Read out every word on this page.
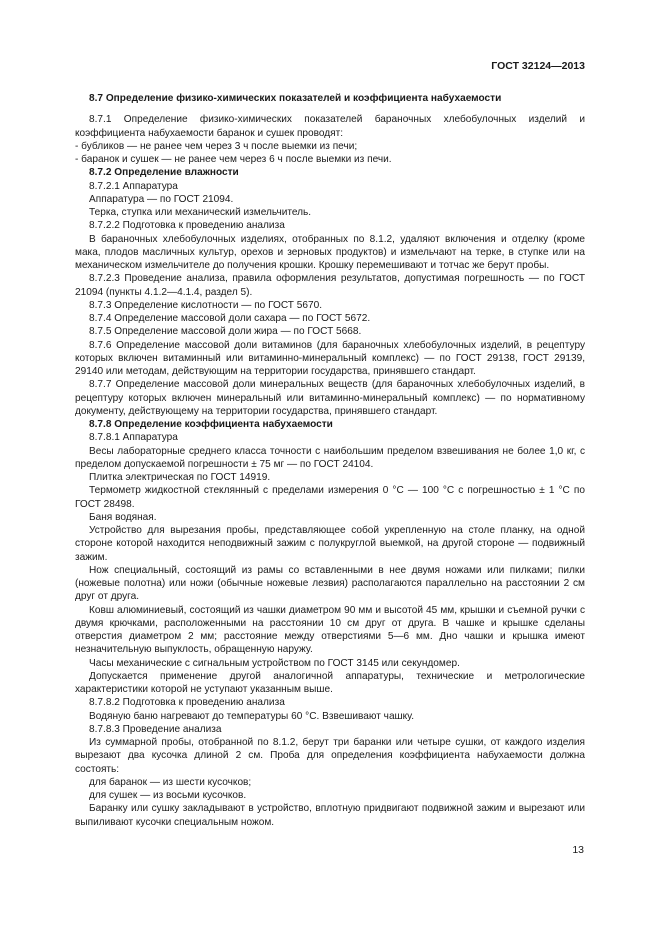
ГОСТ 32124—2013

8.7 Определение физико-химических показателей и коэффициента набухаемости

8.7.1 Определение физико-химических показателей бараночных хлебобулочных изделий и коэффициента набухаемости баранок и сушек проводят:

- бубликов — не ранее чем через 3 ч после выемки из печи;

- баранок и сушек — не ранее чем через 6 ч после выемки из печи.

8.7.2 Определение влажности

8.7.2.1 Аппаратура

Аппаратура — по ГОСТ 21094.

Терка, ступка или механический измельчитель.

8.7.2.2 Подготовка к проведению анализа

В бараночных хлебобулочных изделиях, отобранных по 8.1.2, удаляют включения и отделку (кроме мака, плодов масличных культур, орехов и зерновых продуктов) и измельчают на терке, в ступке или на механическом измельчителе до получения крошки. Крошку перемешивают и тотчас же берут пробы.

8.7.2.3 Проведение анализа, правила оформления результатов, допустимая погрешность — по ГОСТ 21094 (пункты 4.1.2—4.1.4, раздел 5).

8.7.3 Определение кислотности — по ГОСТ 5670.

8.7.4 Определение массовой доли сахара — по ГОСТ 5672.

8.7.5 Определение массовой доли жира — по ГОСТ 5668.

8.7.6 Определение массовой доли витаминов (для бараночных хлебобулочных изделий, в рецептуру которых включен витаминный или витаминно-минеральный комплекс) — по ГОСТ 29138, ГОСТ 29139, 29140 или методам, действующим на территории государства, принявшего стандарт.

8.7.7 Определение массовой доли минеральных веществ (для бараночных хлебобулочных изделий, в рецептуру которых включен минеральный или витаминно-минеральный комплекс) — по нормативному документу, действующему на территории государства, принявшего стандарт.

8.7.8 Определение коэффициента набухаемости

8.7.8.1 Аппаратура

Весы лабораторные среднего класса точности с наибольшим пределом взвешивания не более 1,0 кг, с пределом допускаемой погрешности ± 75 мг — по ГОСТ 24104.

Плитка электрическая по ГОСТ 14919.

Термометр жидкостной стеклянный с пределами измерения 0 °С — 100 °С с погрешностью ± 1 °С по ГОСТ 28498.

Баня водяная.

Устройство для вырезания пробы, представляющее собой укрепленную на столе планку, на одной стороне которой находится неподвижный зажим с полукруглой выемкой, на другой стороне — подвижный зажим.

Нож специальный, состоящий из рамы со вставленными в нее двумя ножами или пилками; пилки (ножевые полотна) или ножи (обычные ножевые лезвия) располагаются параллельно на расстоянии 2 см друг от друга.

Ковш алюминиевый, состоящий из чашки диаметром 90 мм и высотой 45 мм, крышки и съемной ручки с двумя крючками, расположенными на расстоянии 10 см друг от друга. В чашке и крышке сделаны отверстия диаметром 2 мм; расстояние между отверстиями 5—6 мм. Дно чашки и крышка имеют незначительную выпуклость, обращенную наружу.

Часы механические с сигнальным устройством по ГОСТ 3145 или секундомер.

Допускается применение другой аналогичной аппаратуры, технические и метрологические характеристики которой не уступают указанным выше.

8.7.8.2 Подготовка к проведению анализа

Водяную баню нагревают до температуры 60 °С. Взвешивают чашку.

8.7.8.3 Проведение анализа

Из суммарной пробы, отобранной по 8.1.2, берут три баранки или четыре сушки, от каждого изделия вырезают два кусочка длиной 2 см. Проба для определения коэффициента набухаемости должна состоять:

для баранок — из шести кусочков;

для сушек — из восьми кусочков.

Баранку или сушку закладывают в устройство, вплотную придвигают подвижной зажим и вырезают или выпиливают кусочки специальным ножом.

13
